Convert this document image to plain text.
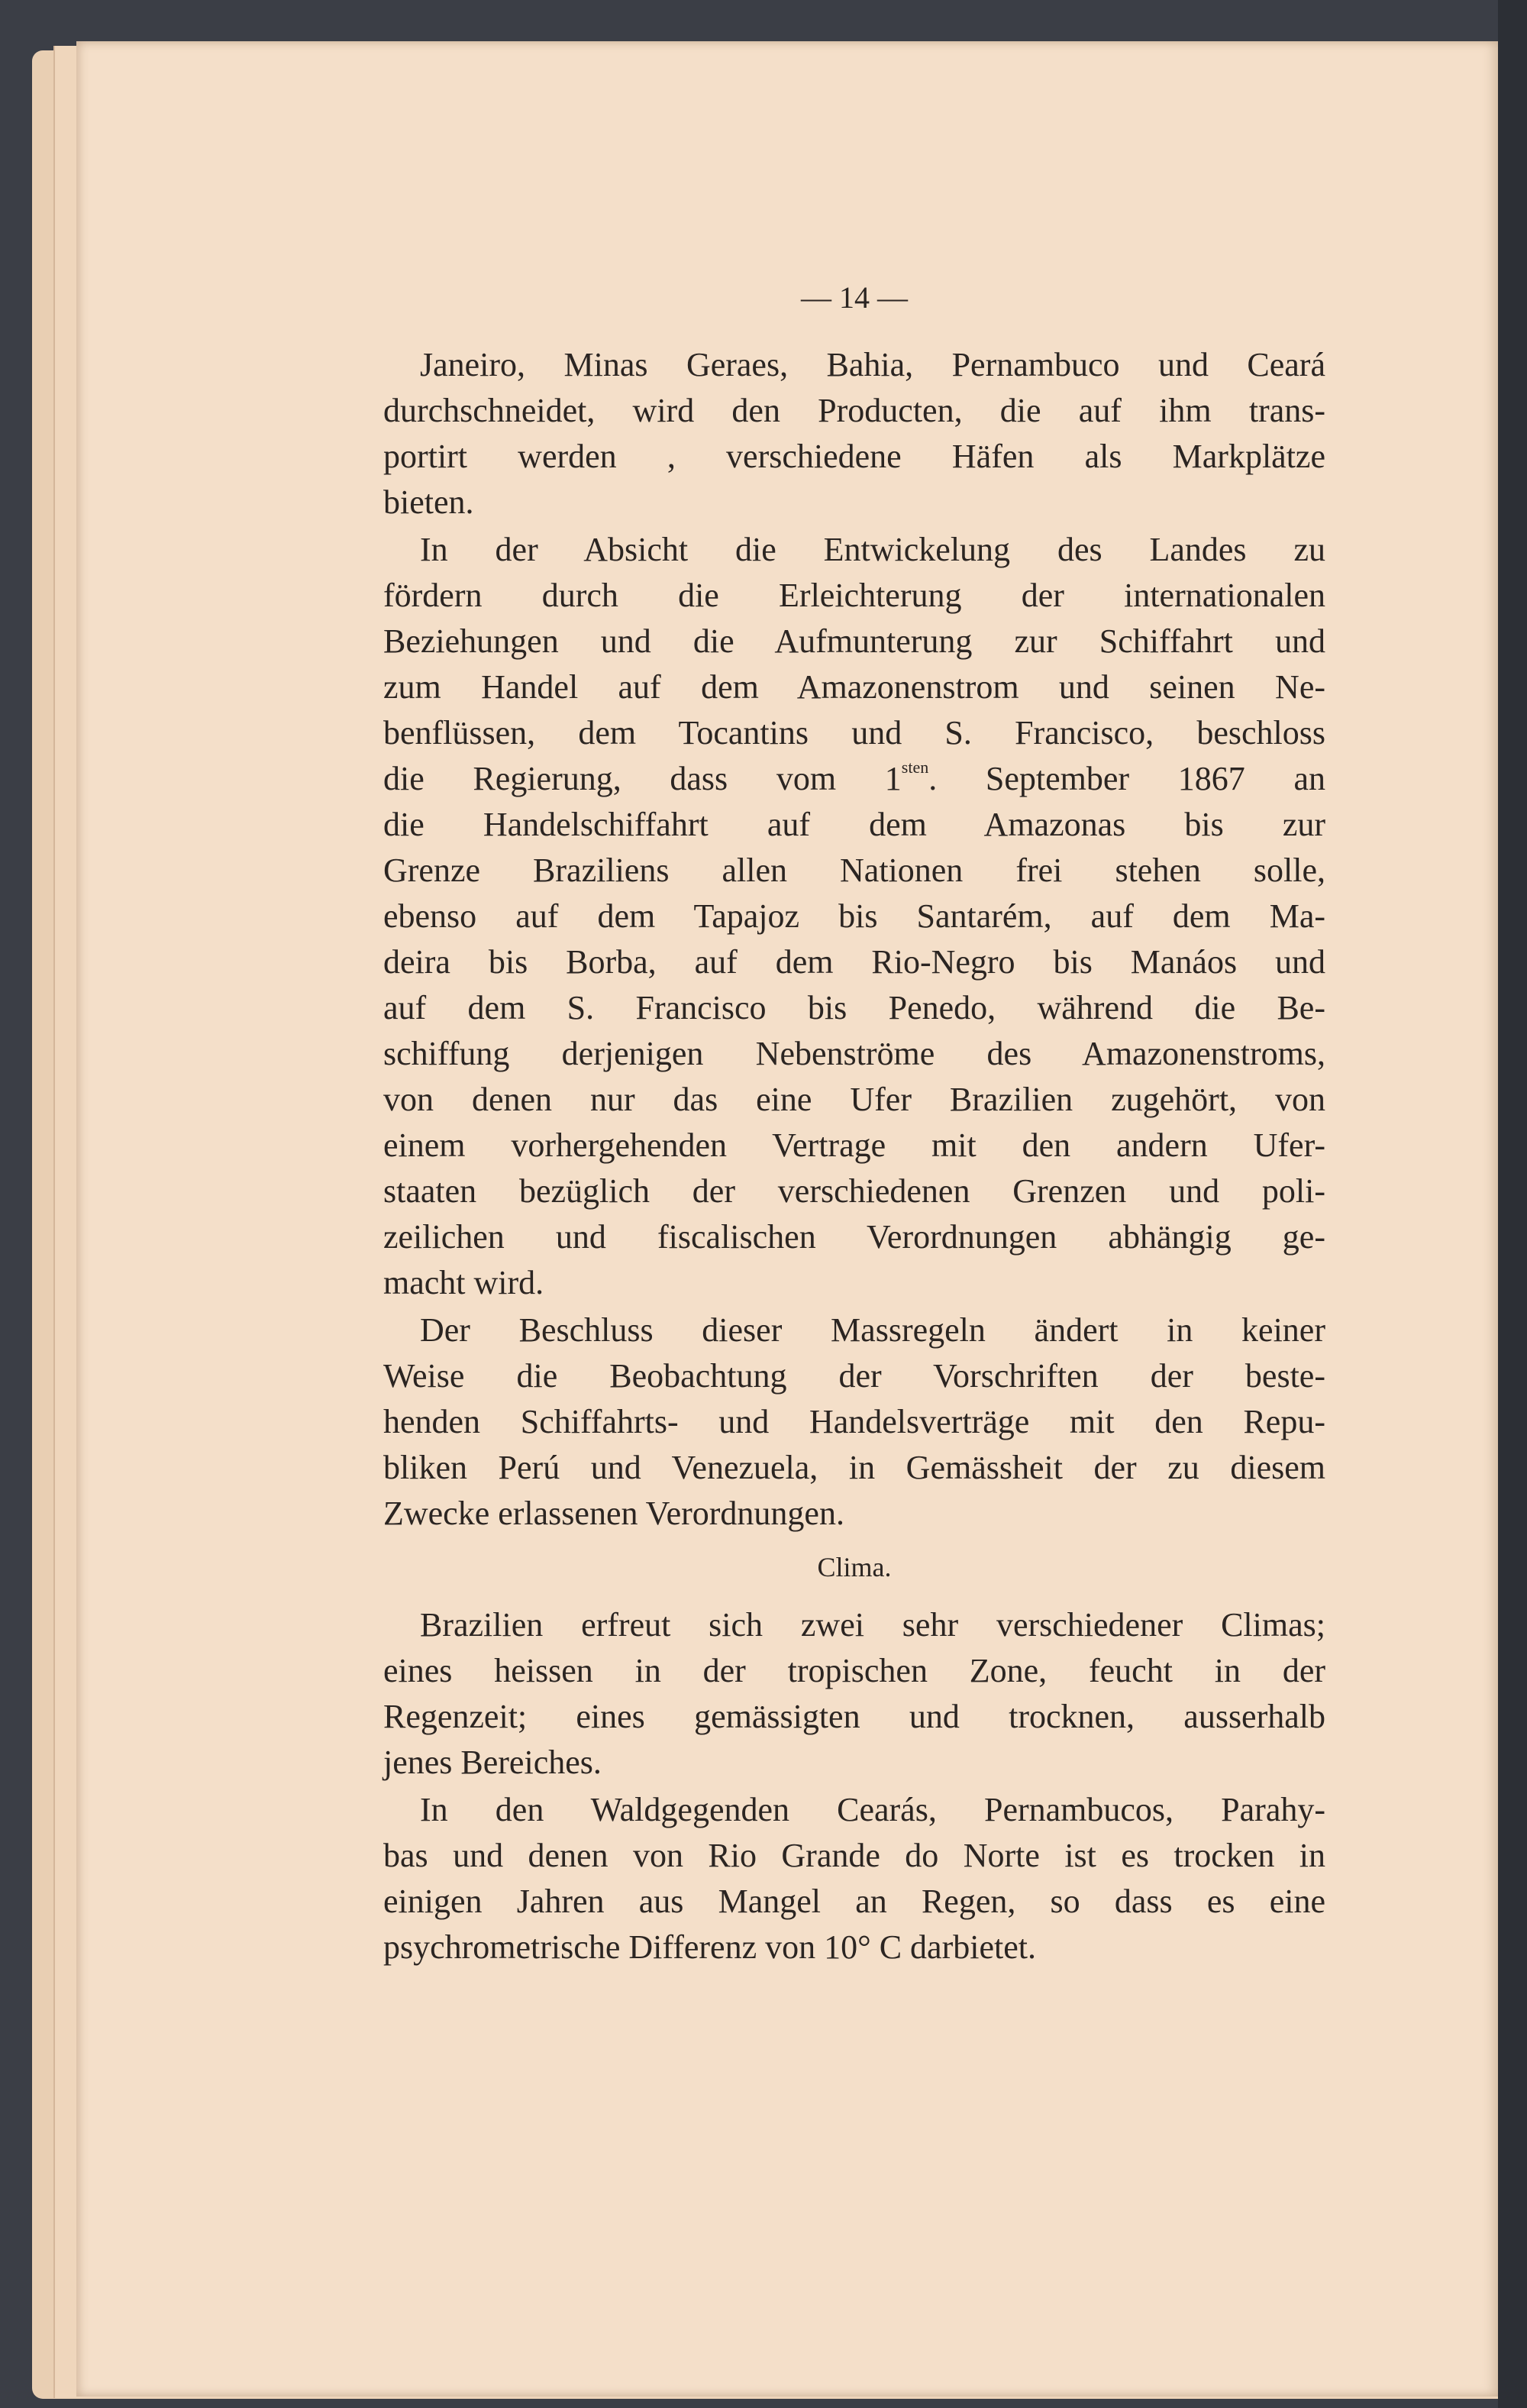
— 14 —
Janeiro, Minas Geraes, Bahia, Pernambuco und Ceará
durchschneidet, wird den Producten, die auf ihm trans-
portirt werden , verschiedene Häfen als Markplätze
bieten.
In der Absicht die Entwickelung des Landes zu
fördern durch die Erleichterung der internationalen
Beziehungen und die Aufmunterung zur Schiffahrt und
zum Handel auf dem Amazonenstrom und seinen Ne-
benflüssen, dem Tocantins und S. Francisco, beschloss
die Regierung, dass vom $1^{sten}$. September 1867 an
die Handelschiffahrt auf dem Amazonas bis zur
Grenze Braziliens allen Nationen frei stehen solle,
ebenso auf dem Tapajoz bis Santarém, auf dem Ma-
deira bis Borba, auf dem Rio-Negro bis Manáos und
auf dem S. Francisco bis Penedo, während die Be-
schiffung derjenigen Nebenströme des Amazonenstroms,
von denen nur das eine Ufer Brazilien zugehört, von
einem vorhergehenden Vertrage mit den andern Ufer-
staaten bezüglich der verschiedenen Grenzen und poli-
zeilichen und fiscalischen Verordnungen abhängig ge-
macht wird.
Der Beschluss dieser Massregeln ändert in keiner
Weise die Beobachtung der Vorschriften der beste-
henden Schiffahrts- und Handelsverträge mit den Repu-
bliken Perú und Venezuela, in Gemässheit der zu diesem
Zwecke erlassenen Verordnungen.
Clima.
Brazilien erfreut sich zwei sehr verschiedener Climas;
eines heissen in der tropischen Zone, feucht in der
Regenzeit; eines gemässigten und trocknen, ausserhalb
jenes Bereiches.
In den Waldgegenden Cearás, Pernambucos, Parahy-
bas und denen von Rio Grande do Norte ist es trocken in
einigen Jahren aus Mangel an Regen, so dass es eine
psychrometrische Differenz von 10° C darbietet.
